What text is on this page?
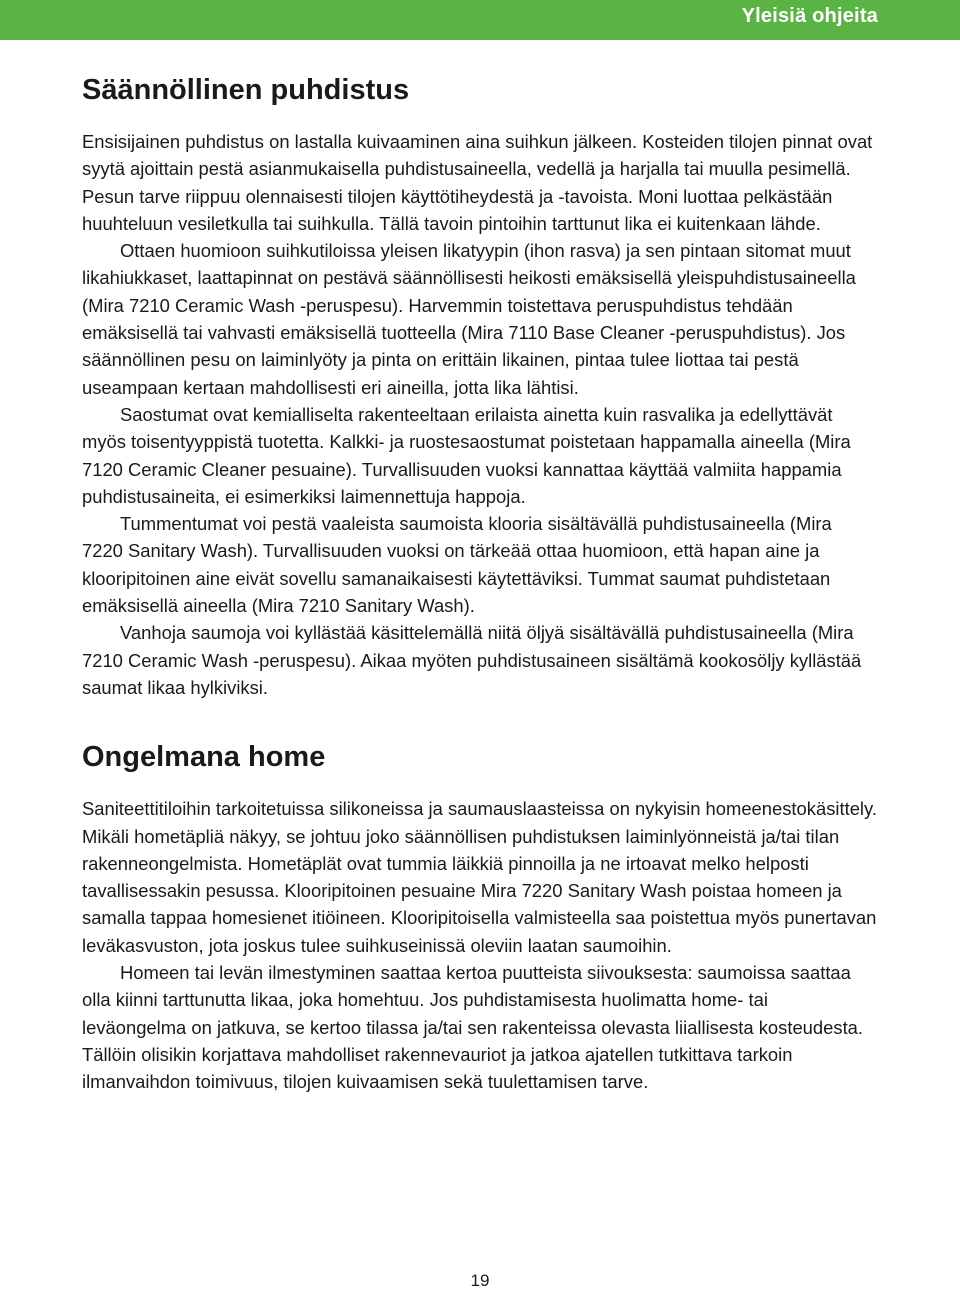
Yleisiä ohjeita
Säännöllinen puhdistus

Ensisijainen puhdistus on lastalla kuivaaminen aina suihkun jälkeen. Kosteiden tilojen pinnat ovat syytä ajoittain pestä asianmukaisella puhdistusaineella, vedellä ja harjalla tai muulla pesimellä. Pesun tarve riippuu olennaisesti tilojen käyttötiheydestä ja -tavoista. Moni luottaa pelkästään huuhteluun vesiletkulla tai suihkulla. Tällä tavoin pintoihin tarttunut lika ei kuitenkaan lähde.

Ottaen huomioon suihkutiloissa yleisen likatyypin (ihon rasva) ja sen pintaan sitomat muut likahiukkaset, laattapinnat on pestävä säännöllisesti heikosti emäksisellä yleispuhdistusaineella (Mira 7210 Ceramic Wash -peruspesu). Harvemmin toistettava peruspuhdistus tehdään emäksisellä tai vahvasti emäksisellä tuotteella (Mira 7110 Base Cleaner -peruspuhdistus). Jos säännöllinen pesu on laiminlyöty ja pinta on erittäin likainen, pintaa tulee liottaa tai pestä useampaan kertaan mahdollisesti eri aineilla, jotta lika lähtisi.

Saostumat ovat kemialliselta rakenteeltaan erilaista ainetta kuin rasvalika ja edellyttävät myös toisentyyppistä tuotetta. Kalkki- ja ruostesaostumat poistetaan happamalla aineella (Mira 7120 Ceramic Cleaner pesuaine). Turvallisuuden vuoksi kannattaa käyttää valmiita happamia puhdistusaineita, ei esimerkiksi laimennettuja happoja.

Tummentumat voi pestä vaaleista saumoista klooria sisältävällä puhdistusaineella (Mira 7220 Sanitary Wash). Turvallisuuden vuoksi on tärkeää ottaa huomioon, että hapan aine ja klooripitoinen aine eivät sovellu samanaikaisesti käytettäviksi. Tummat saumat puhdistetaan emäksisellä aineella (Mira 7210 Sanitary Wash).

Vanhoja saumoja voi kyllästää käsittelemällä niitä öljyä sisältävällä puhdistusaineella (Mira 7210 Ceramic Wash -peruspesu). Aikaa myöten puhdistusaineen sisältämä kookosöljy kyllästää saumat likaa hylkiviksi.

Ongelmana home

Saniteettitiloihin tarkoitetuissa silikoneissa ja saumauslaasteissa on nykyisin homeenestokäsittely. Mikäli hometäpliä näkyy, se johtuu joko säännöllisen puhdistuksen laiminlyönneistä ja/tai tilan rakenneongelmista. Hometäplät ovat tummia läikkiä pinnoilla ja ne irtoavat melko helposti tavallisessakin pesussa. Klooripitoinen pesuaine Mira 7220 Sanitary Wash poistaa homeen ja samalla tappaa homesienet itiöineen. Klooripitoisella valmisteella saa poistettua myös punertavan leväkasvuston, jota joskus tulee suihkuseinissä oleviin laatan saumoihin.

Homeen tai levän ilmestyminen saattaa kertoa puutteista siivouksesta: saumoissa saattaa olla kiinni tarttunutta likaa, joka homehtuu. Jos puhdistamisesta huolimatta home- tai leväongelma on jatkuva, se kertoo tilassa ja/tai sen rakenteissa olevasta liiallisesta kosteudesta. Tällöin olisikin korjattava mahdolliset rakennevauriot ja jatkoa ajatellen tutkittava tarkoin ilmanvaihdon toimivuus, tilojen kuivaamisen sekä tuulettamisen tarve.

19
